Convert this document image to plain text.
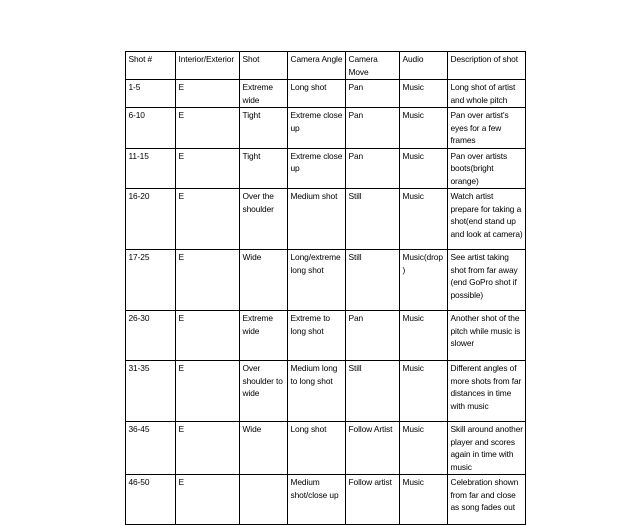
Shot #	Interior/Exterior	Shot	Camera Angle	Camera Move	Audio	Description of shot
1-5	E	Extreme wide	Long shot	Pan	Music	Long shot of artist and whole pitch
6-10	E	Tight	Extreme close up	Pan	Music	Pan over artist's eyes for a few frames
11-15	E	Tight	Extreme close up	Pan	Music	Pan over artists boots(bright orange)
16-20	E	Over the shoulder	Medium shot	Still	Music	Watch artist prepare for taking a shot(end stand up and look at camera)
17-25	E	Wide	Long/extreme long shot	Still	Music(drop)	See artist taking shot from far away (end GoPro shot if possible)
26-30	E	Extreme wide	Extreme to long shot	Pan	Music	Another shot of the pitch while music is slower
31-35	E	Over shoulder to wide	Medium long to long shot	Still	Music	Different angles of more shots from far distances in time with music
36-45	E	Wide	Long shot	Follow Artist	Music	Skill around another player and scores again in time with music
46-50	E		Medium shot/close up	Follow artist	Music	Celebration shown from far and close as song fades out
